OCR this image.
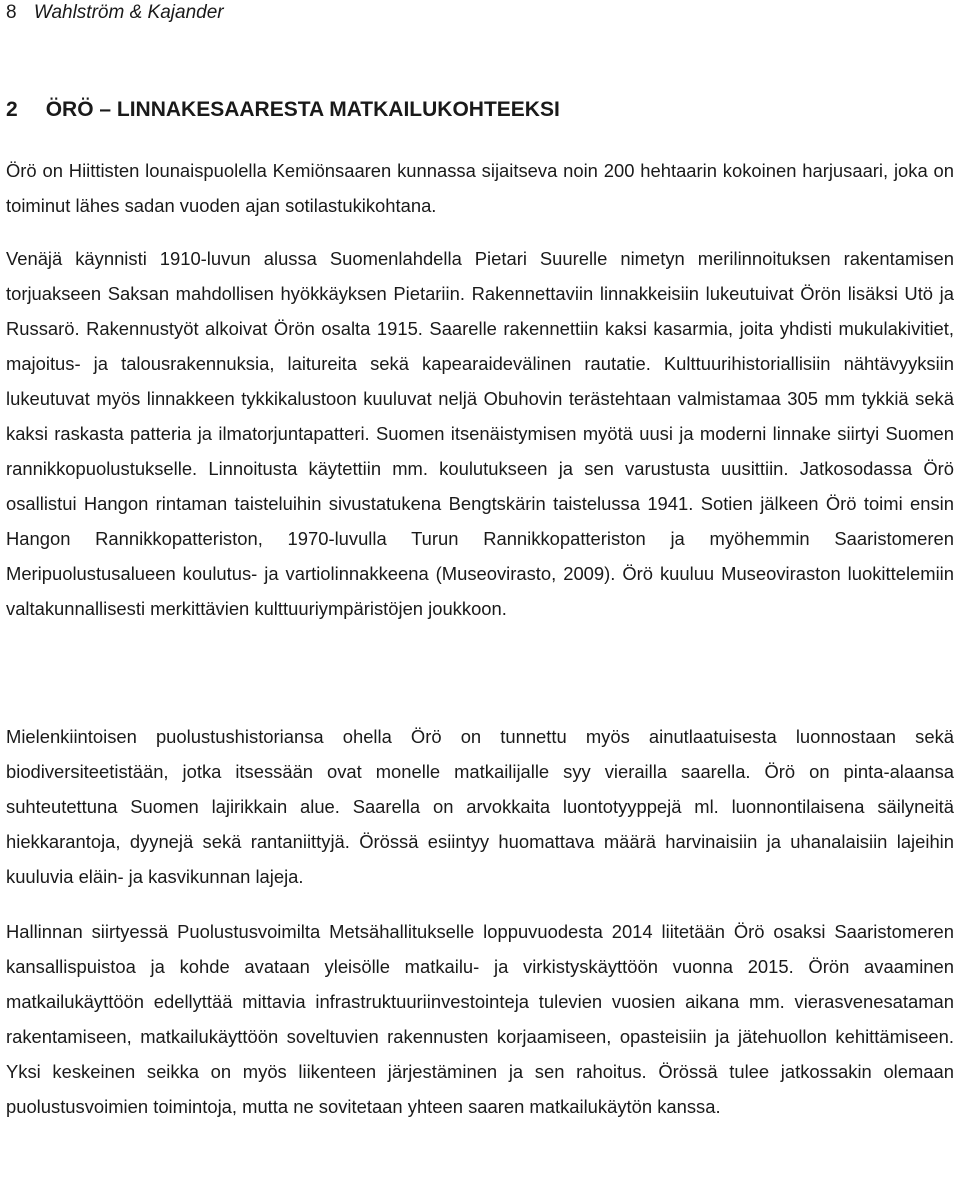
8 Wahlström & Kajander
2 ÖRÖ – LINNAKESAARESTA MATKAILUKOHTEEKSI

Örö on Hiittisten lounaispuolella Kemiönsaaren kunnassa sijaitseva noin 200 hehtaarin kokoinen harjusaari, joka on toiminut lähes sadan vuoden ajan sotilastukikohtana.

Venäjä käynnisti 1910-luvun alussa Suomenlahdella Pietari Suurelle nimetyn merilinnoituksen rakentamisen torjuakseen Saksan mahdollisen hyökkäyksen Pietariin. Rakennettaviin linnakkeisiin lukeutuivat Örön lisäksi Utö ja Russarö. Rakennustyöt alkoivat Örön osalta 1915. Saarelle rakennettiin kaksi kasarmia, joita yhdisti mukulakivitiet, majoitus- ja talousrakennuksia, laitureita sekä kapearaidevälinen rautatie. Kulttuurihistoriallisiin nähtävyyksiin lukeutuvat myös linnakkeen tykkikalustoon kuuluvat neljä Obuhovin terästehtaan valmistamaa 305 mm tykkiä sekä kaksi raskasta patteria ja ilmatorjuntapatteri. Suomen itsenäistymisen myötä uusi ja moderni linnake siirtyi Suomen rannikkopuolustukselle. Linnoitusta käytettiin mm. koulutukseen ja sen varustusta uusittiin. Jatkosodassa Örö osallistui Hangon rintaman taisteluihin sivustatukena Bengtskärin taistelussa 1941. Sotien jälkeen Örö toimi ensin Hangon Rannikkopatteriston, 1970-luvulla Turun Rannikkopatteriston ja myöhemmin Saaristomeren Meripuolustusalueen koulutus- ja vartiolinnakkeena (Museovirasto, 2009). Örö kuuluu Museoviraston luokittelemiin valtakunnallisesti merkittävien kulttuuriympäristöjen joukkoon.

Mielenkiintoisen puolustushistoriansa ohella Örö on tunnettu myös ainutlaatuisesta luonnostaan sekä biodiversiteetistään, jotka itsessään ovat monelle matkailijalle syy vierailla saarella. Örö on pinta-alaansa suhteutettuna Suomen lajirikkain alue. Saarella on arvokkaita luontotyyppejä ml. luonnontilaisena säilyneitä hiekkarantoja, dyynejä sekä rantaniittyjä. Örössä esiintyy huomattava määrä harvinaisiin ja uhanalaisiin lajeihin kuuluvia eläin- ja kasvikunnan lajeja.

Hallinnan siirtyessä Puolustusvoimilta Metsähallitukselle loppuvuodesta 2014 liitetään Örö osaksi Saaristomeren kansallispuistoa ja kohde avataan yleisölle matkailu- ja virkistyskäyttöön vuonna 2015. Örön avaaminen matkailukäyttöön edellyttää mittavia infrastruktuuriinvestointeja tulevien vuosien aikana mm. vierasvenesataman rakentamiseen, matkailukäyttöön soveltuvien rakennusten korjaamiseen, opasteisiin ja jätehuollon kehittämiseen. Yksi keskeinen seikka on myös liikenteen järjestäminen ja sen rahoitus. Örössä tulee jatkossakin olemaan puolustusvoimien toimintoja, mutta ne sovitetaan yhteen saaren matkailukäytön kanssa.
